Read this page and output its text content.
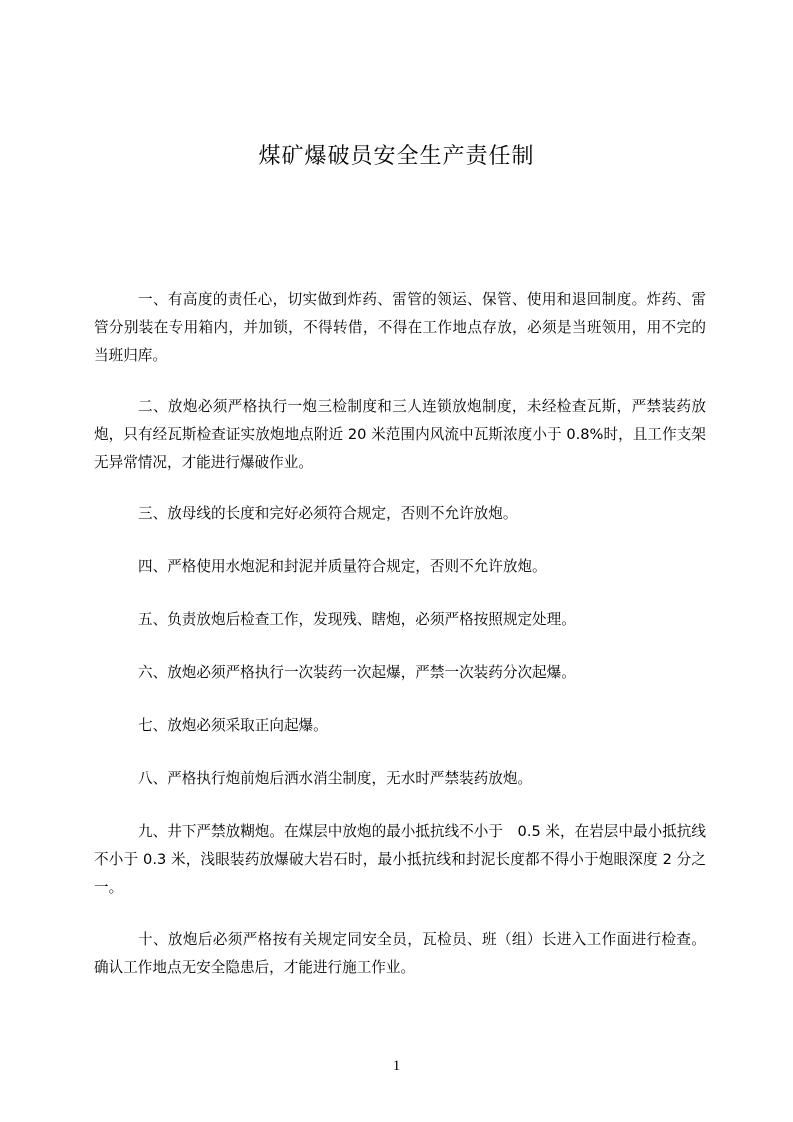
煤矿爆破员安全生产责任制

一、有高度的责任心，切实做到炸药、雷管的领运、保管、使用和退回制度。炸药、雷管分别装在专用箱内，并加锁，不得转借，不得在工作地点存放，必须是当班领用，用不完的当班归库。

二、放炮必须严格执行一炮三检制度和三人连锁放炮制度，未经检查瓦斯，严禁装药放炮，只有经瓦斯检查证实放炮地点附近 20 米范围内风流中瓦斯浓度小于 0.8%时，且工作支架无异常情况，才能进行爆破作业。

三、放母线的长度和完好必须符合规定，否则不允许放炮。

四、严格使用水炮泥和封泥并质量符合规定，否则不允许放炮。

五、负责放炮后检查工作，发现残、瞎炮，必须严格按照规定处理。

六、放炮必须严格执行一次装药一次起爆，严禁一次装药分次起爆。

七、放炮必须采取正向起爆。

八、严格执行炮前炮后洒水消尘制度，无水时严禁装药放炮。

九、井下严禁放糊炮。在煤层中放炮的最小抵抗线不小于　0.5 米，在岩层中最小抵抗线不小于 0.3 米，浅眼装药放爆破大岩石时，最小抵抗线和封泥长度都不得小于炮眼深度 2 分之一。

十、放炮后必须严格按有关规定同安全员，瓦检员、班（组）长进入工作面进行检查。确认工作地点无安全隐患后，才能进行施工作业。

1
